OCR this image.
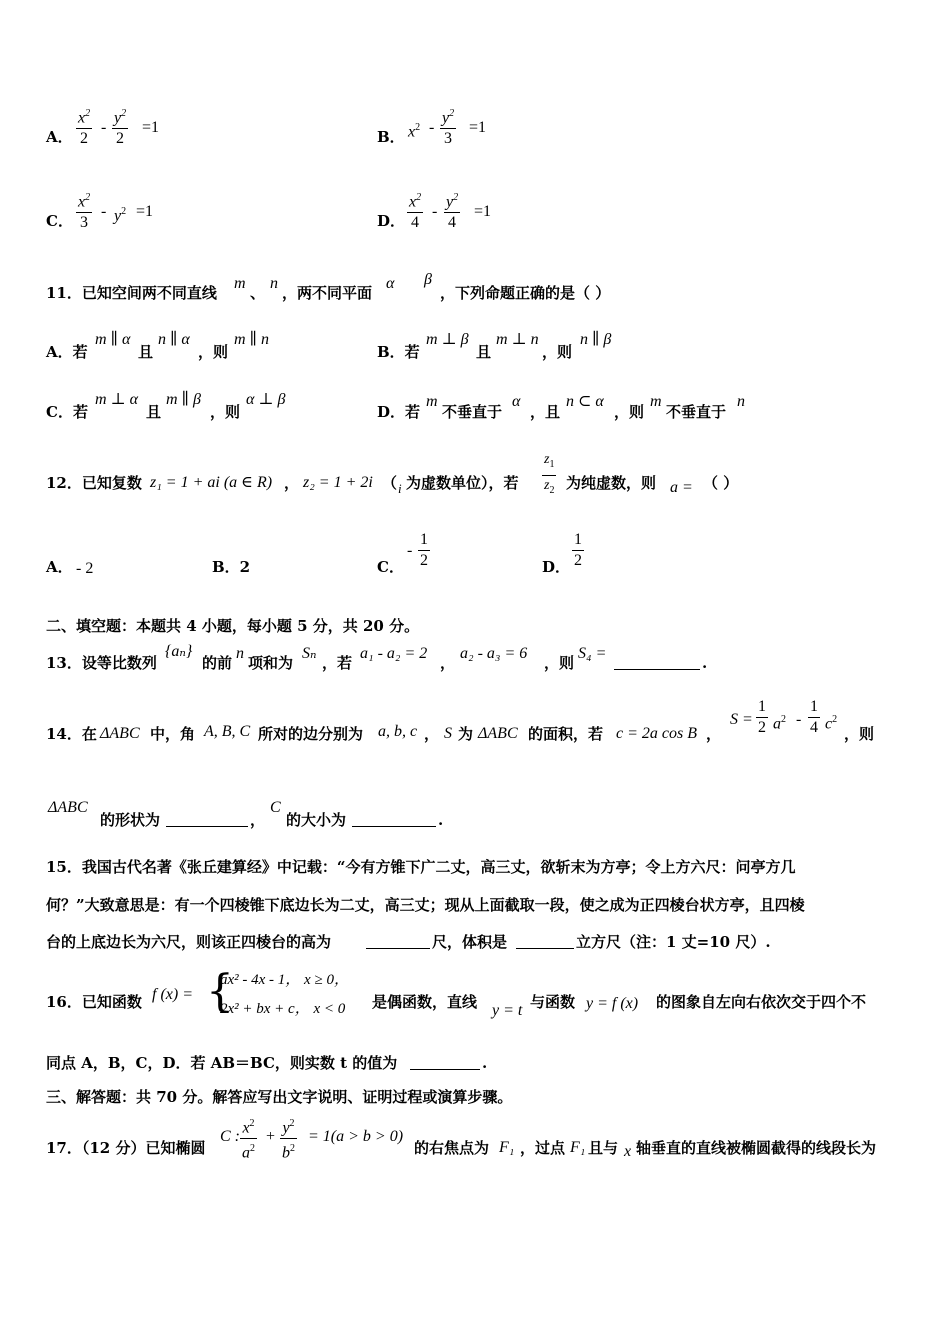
A． $\frac{x^2}{2} - \frac{y^2}{2} =1$
B． $x^2 - \frac{y^2}{3} =1$
C． $\frac{x^2}{3} - y^2 =1$
D． $\frac{x^2}{4} - \frac{y^2}{4} =1$
11．已知空间两不同直线
m
、
n
，两不同平面
α β
，下列命题正确的是（ ）
A．若
m ∥ α
且
n ∥ α
，则
m ∥ n
B．若
m ⊥ β
且
m ⊥ n
，则
n ∥ β
C．若
m ⊥ α
且
m ∥ β
，则
α ⊥ β
D．若
m
不垂直于
α
，且
n ⊂ α
，则
m
不垂直于
n
12．已知复数 z₁ = 1 + ai (a ∈ R) ， z₂ = 1 + 2i （ i 为虚数单位），若 $\frac{z_1}{z_2}$ 为纯虚数，则 a = （ ）
A． - 2	B．2	C．
- $\frac{1}{2}$	D． $\frac{1}{2}$
二、填空题：本题共 4 小题，每小题 5 分，共 20 分。
13．设等比数列
{aₙ}
的前
n
项和为
Sₙ
，若
a₁ - a₂ = 2
，
a₂ - a₃ = 6
，则
S₄ =
.
14．在 ΔABC 中，角 A, B, C 所对的边分别为 a, b, c ， S 为 ΔABC 的面积，若 c = 2a cos B ，
$S = \frac{1}{2} a^2 - \frac{1}{4} c^2$
，则
ΔABC
的形状为	，
C
的大小为	.
15．我国古代名著《张丘建算经》中记载：“今有方锥下广二丈，高三丈，欲斩末为方亭；令上方六尺：问亭方几
何？”大致意思是：有一个四棱锥下底边长为二丈，高三丈；现从上面截取一段，使之成为正四棱台状方亭，且四棱
台的上底边长为六尺，则该正四棱台的高为	尺，体积是	立方尺（注：1 丈=10 尺）.
16．已知函数 f (x) = {
ax² - 4x - 1， x ≥ 0，
2x² + bx + c， x < 0 是偶函数，直线 y = t 与函数 y = f (x) 的图象自左向右依次交于四个不
同点 A，B，C，D．若 AB＝BC，则实数 t 的值为	.
三、解答题：共 70 分。解答应写出文字说明、证明过程或演算步骤。
17．（12 分）已知椭圆
C : $\frac{x^2}{a^2} + \frac{y^2}{b^2} = 1(a > b > 0)$
的右焦点为 F₁ ，过点 F₁ 且与 x 轴垂直的直线被椭圆截得的线段长为
